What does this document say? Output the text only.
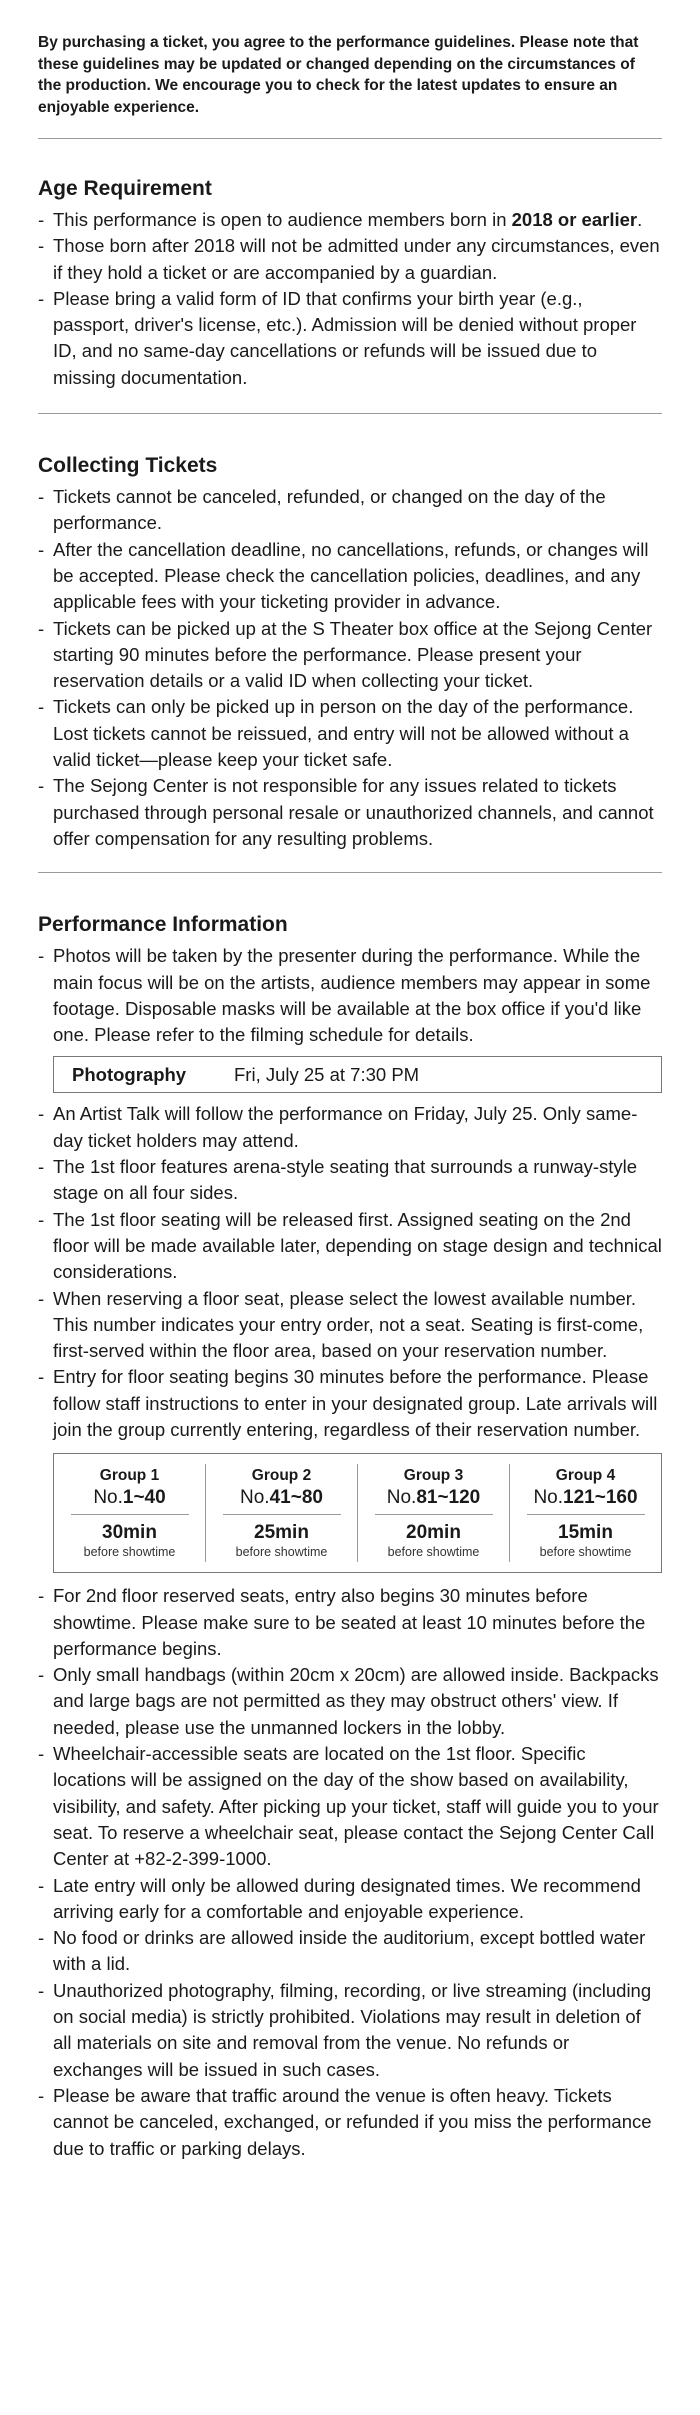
By purchasing a ticket, you agree to the performance guidelines. Please note that these guidelines may be updated or changed depending on the circumstances of the production. We encourage you to check for the latest updates to ensure an enjoyable experience.

Age Requirement
- This performance is open to audience members born in 2018 or earlier.
- Those born after 2018 will not be admitted under any circumstances, even if they hold a ticket or are accompanied by a guardian.
- Please bring a valid form of ID that confirms your birth year (e.g., passport, driver's license, etc.). Admission will be denied without proper ID, and no same-day cancellations or refunds will be issued due to missing documentation.
Collecting Tickets
- Tickets cannot be canceled, refunded, or changed on the day of the performance.
- After the cancellation deadline, no cancellations, refunds, or changes will be accepted. Please check the cancellation policies, deadlines, and any applicable fees with your ticketing provider in advance.
- Tickets can be picked up at the S Theater box office at the Sejong Center starting 90 minutes before the performance. Please present your reservation details or a valid ID when collecting your ticket.
- Tickets can only be picked up in person on the day of the performance. Lost tickets cannot be reissued, and entry will not be allowed without a valid ticket—please keep your ticket safe.
- The Sejong Center is not responsible for any issues related to tickets purchased through personal resale or unauthorized channels, and cannot offer compensation for any resulting problems.
Performance Information
- Photos will be taken by the presenter during the performance. While the main focus will be on the artists, audience members may appear in some footage. Disposable masks will be available at the box office if you'd like one. Please refer to the filming schedule for details.
Photography	Fri, July 25 at 7:30 PM
- An Artist Talk will follow the performance on Friday, July 25. Only same-day ticket holders may attend.
- The 1st floor features arena-style seating that surrounds a runway-style stage on all four sides.
- The 1st floor seating will be released first. Assigned seating on the 2nd floor will be made available later, depending on stage design and technical considerations.
- When reserving a floor seat, please select the lowest available number. This number indicates your entry order, not a seat. Seating is first-come, first-served within the floor area, based on your reservation number.
- Entry for floor seating begins 30 minutes before the performance. Please follow staff instructions to enter in your designated group. Late arrivals will join the group currently entering, regardless of their reservation number.
Group 1
No.1~40
30min
before showtime
Group 2
No.41~80
25min
before showtime
Group 3
No.81~120
20min
before showtime
Group 4
No.121~160
15min
before showtime
- For 2nd floor reserved seats, entry also begins 30 minutes before showtime. Please make sure to be seated at least 10 minutes before the performance begins.
- Only small handbags (within 20cm x 20cm) are allowed inside. Backpacks and large bags are not permitted as they may obstruct others' view. If needed, please use the unmanned lockers in the lobby.
- Wheelchair-accessible seats are located on the 1st floor. Specific locations will be assigned on the day of the show based on availability, visibility, and safety. After picking up your ticket, staff will guide you to your seat. To reserve a wheelchair seat, please contact the Sejong Center Call Center at +82-2-399-1000.
- Late entry will only be allowed during designated times. We recommend arriving early for a comfortable and enjoyable experience.
- No food or drinks are allowed inside the auditorium, except bottled water with a lid.
- Unauthorized photography, filming, recording, or live streaming (including on social media) is strictly prohibited. Violations may result in deletion of all materials on site and removal from the venue. No refunds or exchanges will be issued in such cases.
- Please be aware that traffic around the venue is often heavy. Tickets cannot be canceled, exchanged, or refunded if you miss the performance due to traffic or parking delays.
